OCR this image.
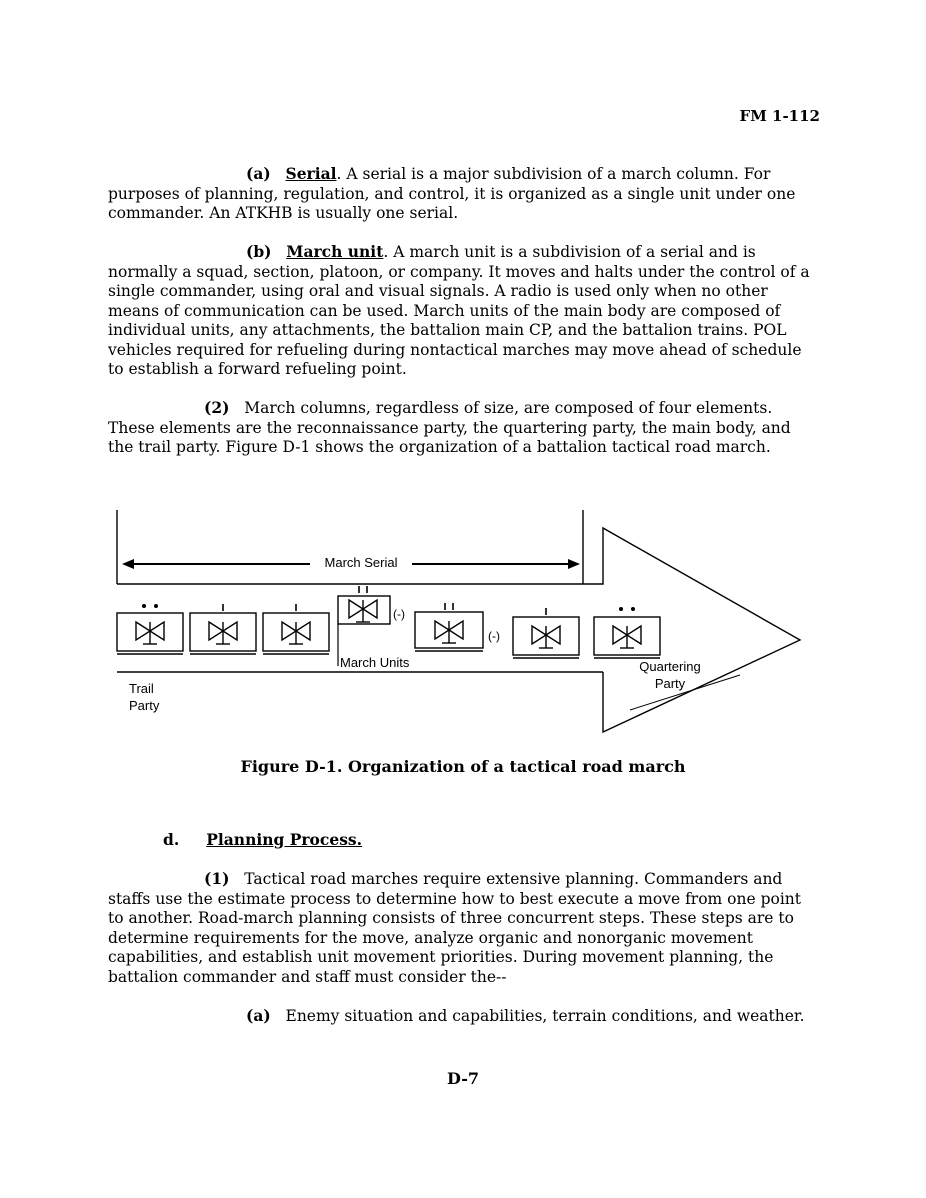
FM 1-112
(a) Serial. A serial is a major subdivision of a march column. For purposes of planning, regulation, and control, it is organized as a single unit under one commander. An ATKHB is usually one serial.
(b) March unit. A march unit is a subdivision of a serial and is normally a squad, section, platoon, or company. It moves and halts under the control of a single commander, using oral and visual signals. A radio is used only when no other means of communication can be used. March units of the main body are composed of individual units, any attachments, the battalion main CP, and the battalion trains. POL vehicles required for refueling during nontactical marches may move ahead of schedule to establish a forward refueling point.
(2) March columns, regardless of size, are composed of four elements. These elements are the reconnaissance party, the quartering party, the main body, and the trail party. Figure D-1 shows the organization of a battalion tactical road march.
March Serial
(-)
March Units
(-)
Trail Party
Quartering Party
Figure D-1. Organization of a tactical road march
d. Planning Process.
(1) Tactical road marches require extensive planning. Commanders and staffs use the estimate process to determine how to best execute a move from one point to another. Road-march planning consists of three concurrent steps. These steps are to determine requirements for the move, analyze organic and nonorganic movement capabilities, and establish unit movement priorities. During movement planning, the battalion commander and staff must consider the--
(a) Enemy situation and capabilities, terrain conditions, and weather.
D-7
